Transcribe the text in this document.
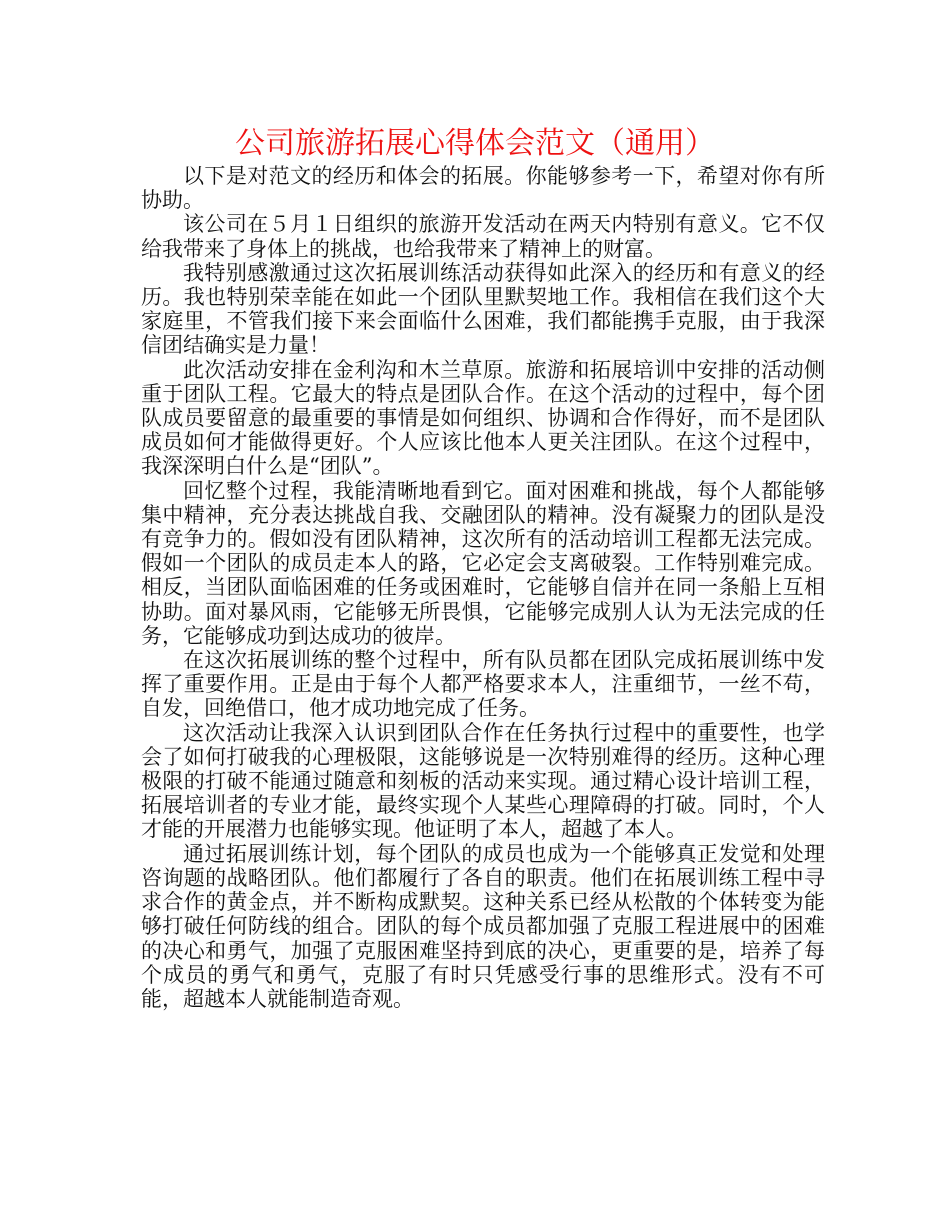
公司旅游拓展心得体会范文（通用）

以下是对范文的经历和体会的拓展。你能够参考一下，希望对你有所协助。

该公司在５月１日组织的旅游开发活动在两天内特别有意义。它不仅给我带来了身体上的挑战，也给我带来了精神上的财富。

我特别感激通过这次拓展训练活动获得如此深入的经历和有意义的经历。我也特别荣幸能在如此一个团队里默契地工作。我相信在我们这个大家庭里，不管我们接下来会面临什么困难，我们都能携手克服，由于我深信团结确实是力量！

此次活动安排在金利沟和木兰草原。旅游和拓展培训中安排的活动侧重于团队工程。它最大的特点是团队合作。在这个活动的过程中，每个团队成员要留意的最重要的事情是如何组织、协调和合作得好，而不是团队成员如何才能做得更好。个人应该比他本人更关注团队。在这个过程中，我深深明白什么是“团队”。

回忆整个过程，我能清晰地看到它。面对困难和挑战，每个人都能够集中精神，充分表达挑战自我、交融团队的精神。没有凝聚力的团队是没有竞争力的。假如没有团队精神，这次所有的活动培训工程都无法完成。假如一个团队的成员走本人的路，它必定会支离破裂。工作特别难完成。相反，当团队面临困难的任务或困难时，它能够自信并在同一条船上互相协助。面对暴风雨，它能够无所畏惧，它能够完成别人认为无法完成的任务，它能够成功到达成功的彼岸。

在这次拓展训练的整个过程中，所有队员都在团队完成拓展训练中发挥了重要作用。正是由于每个人都严格要求本人，注重细节，一丝不苟，自发，回绝借口，他才成功地完成了任务。

这次活动让我深入认识到团队合作在任务执行过程中的重要性，也学会了如何打破我的心理极限，这能够说是一次特别难得的经历。这种心理极限的打破不能通过随意和刻板的活动来实现。通过精心设计培训工程，拓展培训者的专业才能，最终实现个人某些心理障碍的打破。同时，个人才能的开展潜力也能够实现。他证明了本人，超越了本人。

通过拓展训练计划，每个团队的成员也成为一个能够真正发觉和处理咨询题的战略团队。他们都履行了各自的职责。他们在拓展训练工程中寻求合作的黄金点，并不断构成默契。这种关系已经从松散的个体转变为能够打破任何防线的组合。团队的每个成员都加强了克服工程进展中的困难的决心和勇气，加强了克服困难坚持到底的决心，更重要的是，培养了每个成员的勇气和勇气，克服了有时只凭感受行事的思维形式。没有不可能，超越本人就能制造奇观。
